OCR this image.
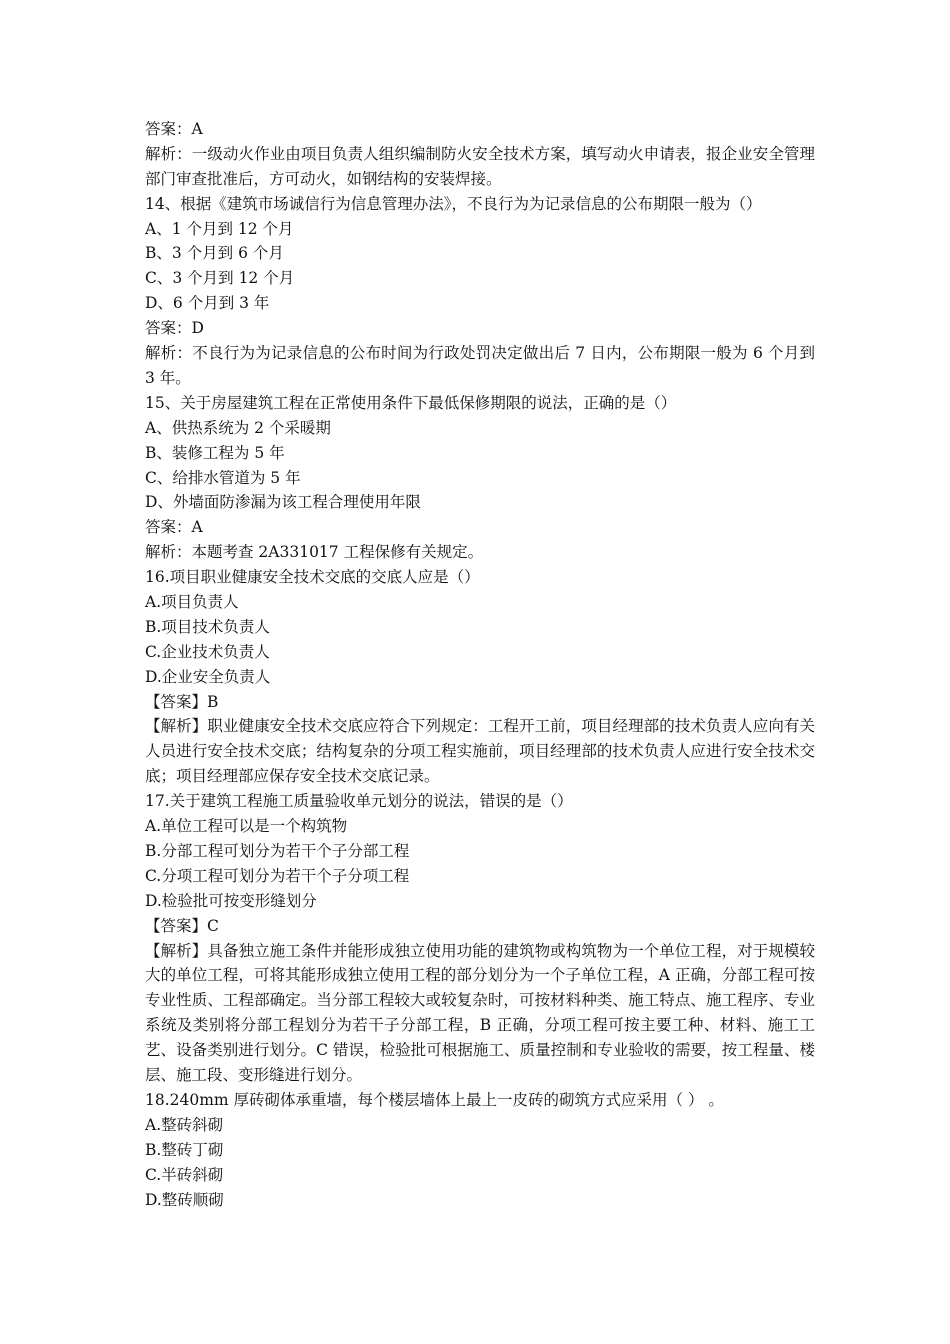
答案：A
解析：一级动火作业由项目负责人组织编制防火安全技术方案，填写动火申请表，报企业安全管理部门审查批准后，方可动火，如钢结构的安装焊接。
14、根据《建筑市场诚信行为信息管理办法》，不良行为为记录信息的公布期限一般为（）
A、1 个月到 12 个月
B、3 个月到 6 个月
C、3 个月到 12 个月
D、6 个月到 3 年
答案：D
解析：不良行为为记录信息的公布时间为行政处罚决定做出后 7 日内，公布期限一般为 6 个月到 3 年。
15、关于房屋建筑工程在正常使用条件下最低保修期限的说法，正确的是（）
A、供热系统为 2 个采暖期
B、装修工程为 5 年
C、给排水管道为 5 年
D、外墙面防渗漏为该工程合理使用年限
答案：A
解析：本题考查 2A331017 工程保修有关规定。
16.项目职业健康安全技术交底的交底人应是（）
A.项目负责人
B.项目技术负责人
C.企业技术负责人
D.企业安全负责人
【答案】B
【解析】职业健康安全技术交底应符合下列规定：工程开工前，项目经理部的技术负责人应向有关人员进行安全技术交底；结构复杂的分项工程实施前，项目经理部的技术负责人应进行安全技术交底；项目经理部应保存安全技术交底记录。
17.关于建筑工程施工质量验收单元划分的说法，错误的是（）
A.单位工程可以是一个构筑物
B.分部工程可划分为若干个子分部工程
C.分项工程可划分为若干个子分项工程
D.检验批可按变形缝划分
【答案】C
【解析】具备独立施工条件并能形成独立使用功能的建筑物或构筑物为一个单位工程，对于规模较大的单位工程，可将其能形成独立使用工程的部分划分为一个子单位工程，A 正确，分部工程可按专业性质、工程部确定。当分部工程较大或较复杂时，可按材料种类、施工特点、施工程序、专业系统及类别将分部工程划分为若干子分部工程，B 正确，分项工程可按主要工种、材料、施工工艺、设备类别进行划分。C 错误，检验批可根据施工、质量控制和专业验收的需要，按工程量、楼层、施工段、变形缝进行划分。
18.240mm 厚砖砌体承重墙，每个楼层墙体上最上一皮砖的砌筑方式应采用（ ） 。
A.整砖斜砌
B.整砖丁砌
C.半砖斜砌
D.整砖顺砌
